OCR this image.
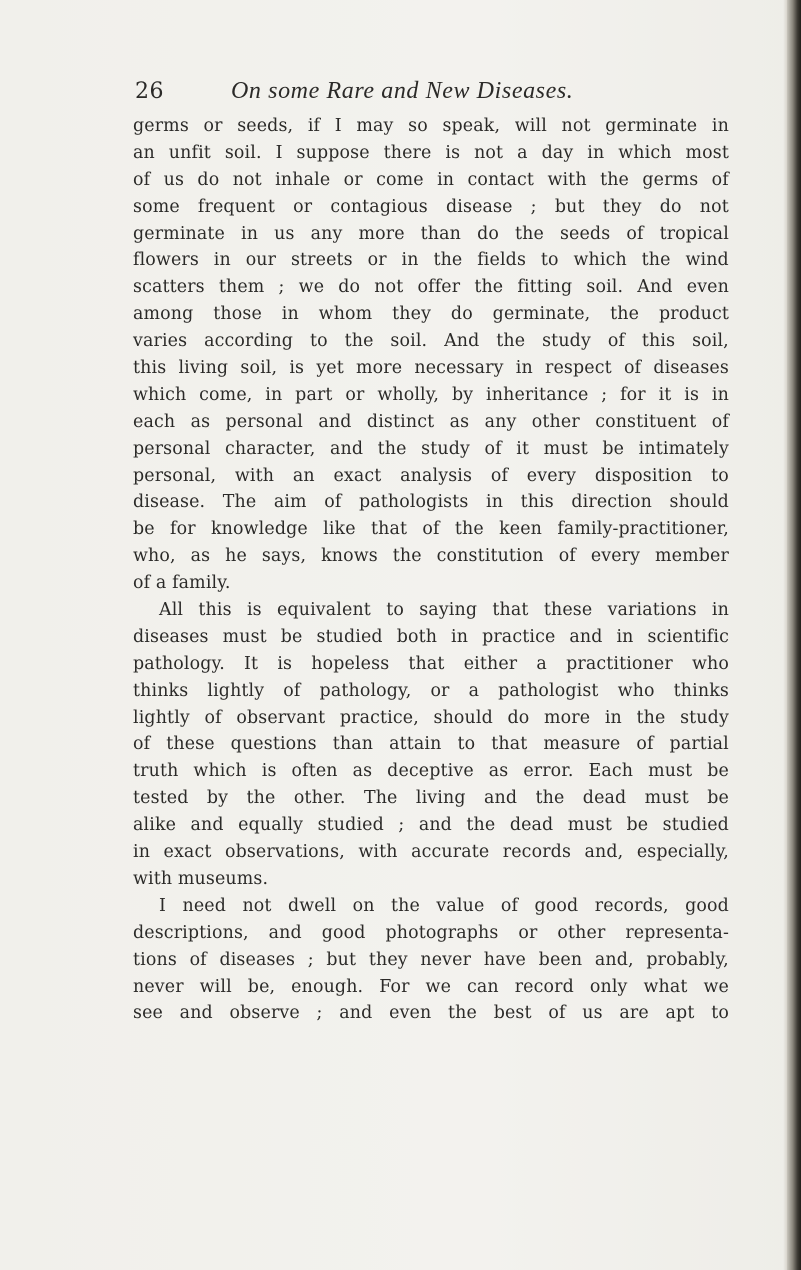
26	On some Rare and New Diseases.
germs or seeds, if I may so speak, will not germinate in
an unfit soil. I suppose there is not a day in which most
of us do not inhale or come in contact with the germs of
some frequent or contagious disease ; but they do not
germinate in us any more than do the seeds of tropical
flowers in our streets or in the fields to which the wind
scatters them ; we do not offer the fitting soil. And even
among those in whom they do germinate, the product
varies according to the soil. And the study of this soil,
this living soil, is yet more necessary in respect of diseases
which come, in part or wholly, by inheritance ; for it is in
each as personal and distinct as any other constituent of
personal character, and the study of it must be intimately
personal, with an exact analysis of every disposition to
disease. The aim of pathologists in this direction should
be for knowledge like that of the keen family-practitioner,
who, as he says, knows the constitution of every member
of a family.
All this is equivalent to saying that these variations in
diseases must be studied both in practice and in scientific
pathology. It is hopeless that either a practitioner who
thinks lightly of pathology, or a pathologist who thinks
lightly of observant practice, should do more in the study
of these questions than attain to that measure of partial
truth which is often as deceptive as error. Each must be
tested by the other. The living and the dead must be
alike and equally studied ; and the dead must be studied
in exact observations, with accurate records and, especially,
with museums.
I need not dwell on the value of good records, good
descriptions, and good photographs or other representa-
tions of diseases ; but they never have been and, probably,
never will be, enough. For we can record only what we
see and observe ; and even the best of us are apt to
